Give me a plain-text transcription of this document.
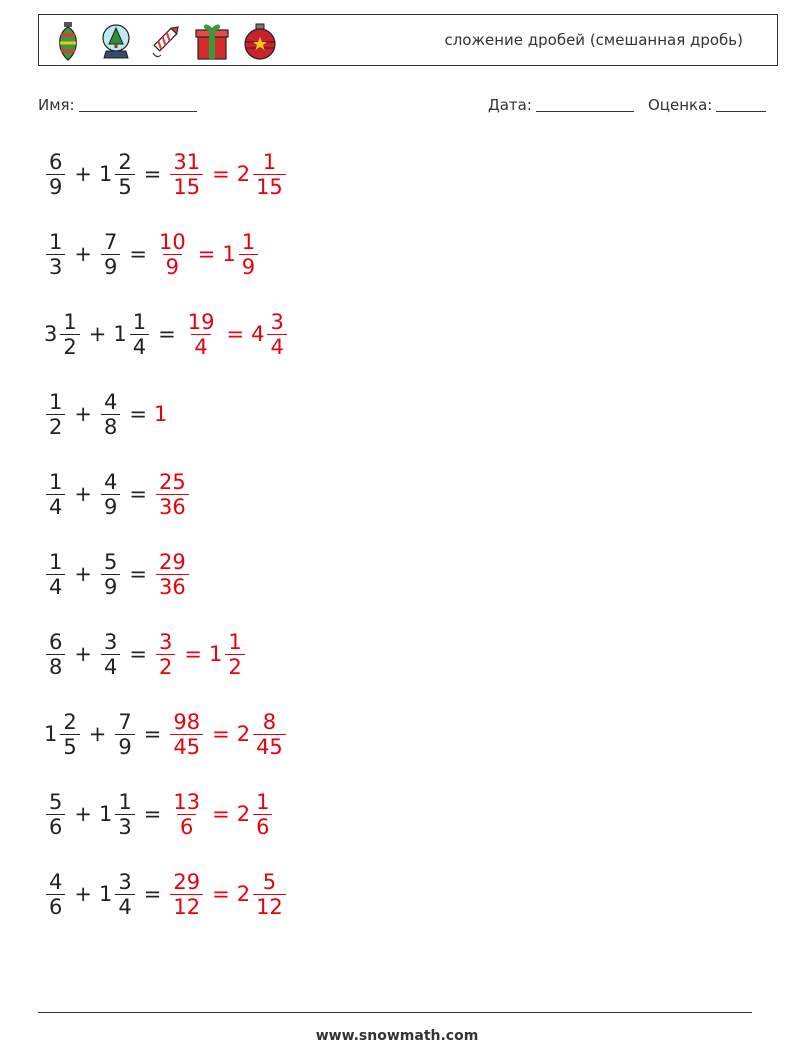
сложение дробей (смешанная дробь)
Имя:	Дата:	Оценка:
$\frac{6}{9} + 1 \frac{2}{5} = \frac{31}{15} = 2 \frac{1}{15}$
$\frac{1}{3} + \frac{7}{9} = \frac{10}{9} = 1 \frac{1}{9}$
$3 \frac{1}{2} + 1 \frac{1}{4} = \frac{19}{4} = 4 \frac{3}{4}$
$\frac{1}{2} + \frac{4}{8} = 1$
$\frac{1}{4} + \frac{4}{9} = \frac{25}{36}$
$\frac{1}{4} + \frac{5}{9} = \frac{29}{36}$
$\frac{6}{8} + \frac{3}{4} = \frac{3}{2} = 1 \frac{1}{2}$
$1 \frac{2}{5} + \frac{7}{9} = \frac{98}{45} = 2 \frac{8}{45}$
$\frac{5}{6} + 1 \frac{1}{3} = \frac{13}{6} = 2 \frac{1}{6}$
$\frac{4}{6} + 1 \frac{3}{4} = \frac{29}{12} = 2 \frac{5}{12}$
www.snowmath.com
